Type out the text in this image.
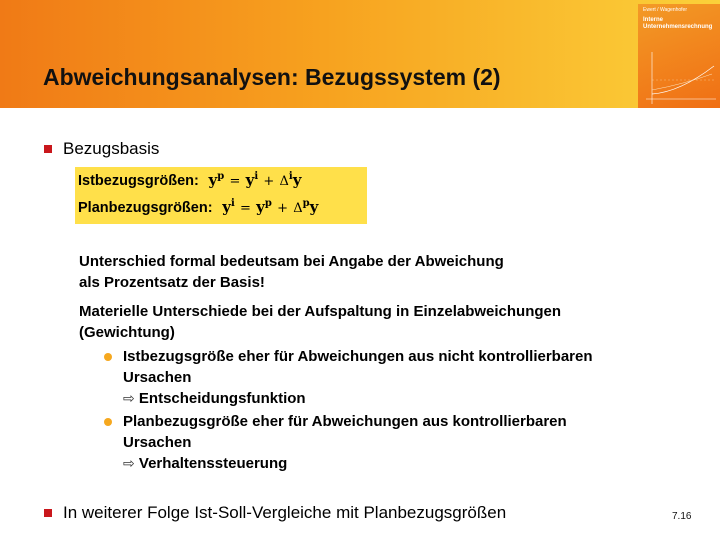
Ewert / Wagenhofer
Interne
Unternehmensrechnung
Abweichungsanalysen: Bezugssystem (2)
Bezugsbasis
Istbezugsgrößen:  $y^p = y^i + \Delta^iy$
Planbezugsgrößen:  $y^i = y^p + \Delta^py$
Unterschied formal bedeutsam bei Angabe der Abweichung
als Prozentsatz der Basis!
Materielle Unterschiede bei der Aufspaltung in Einzelabweichungen
(Gewichtung)
Istbezugsgröße eher für Abweichungen aus nicht kontrollierbaren
Ursachen
⇨ Entscheidungsfunktion
Planbezugsgröße eher für Abweichungen aus kontrollierbaren
Ursachen
⇨ Verhaltenssteuerung
In weiterer Folge Ist-Soll-Vergleiche mit Planbezugsgrößen	7.16
